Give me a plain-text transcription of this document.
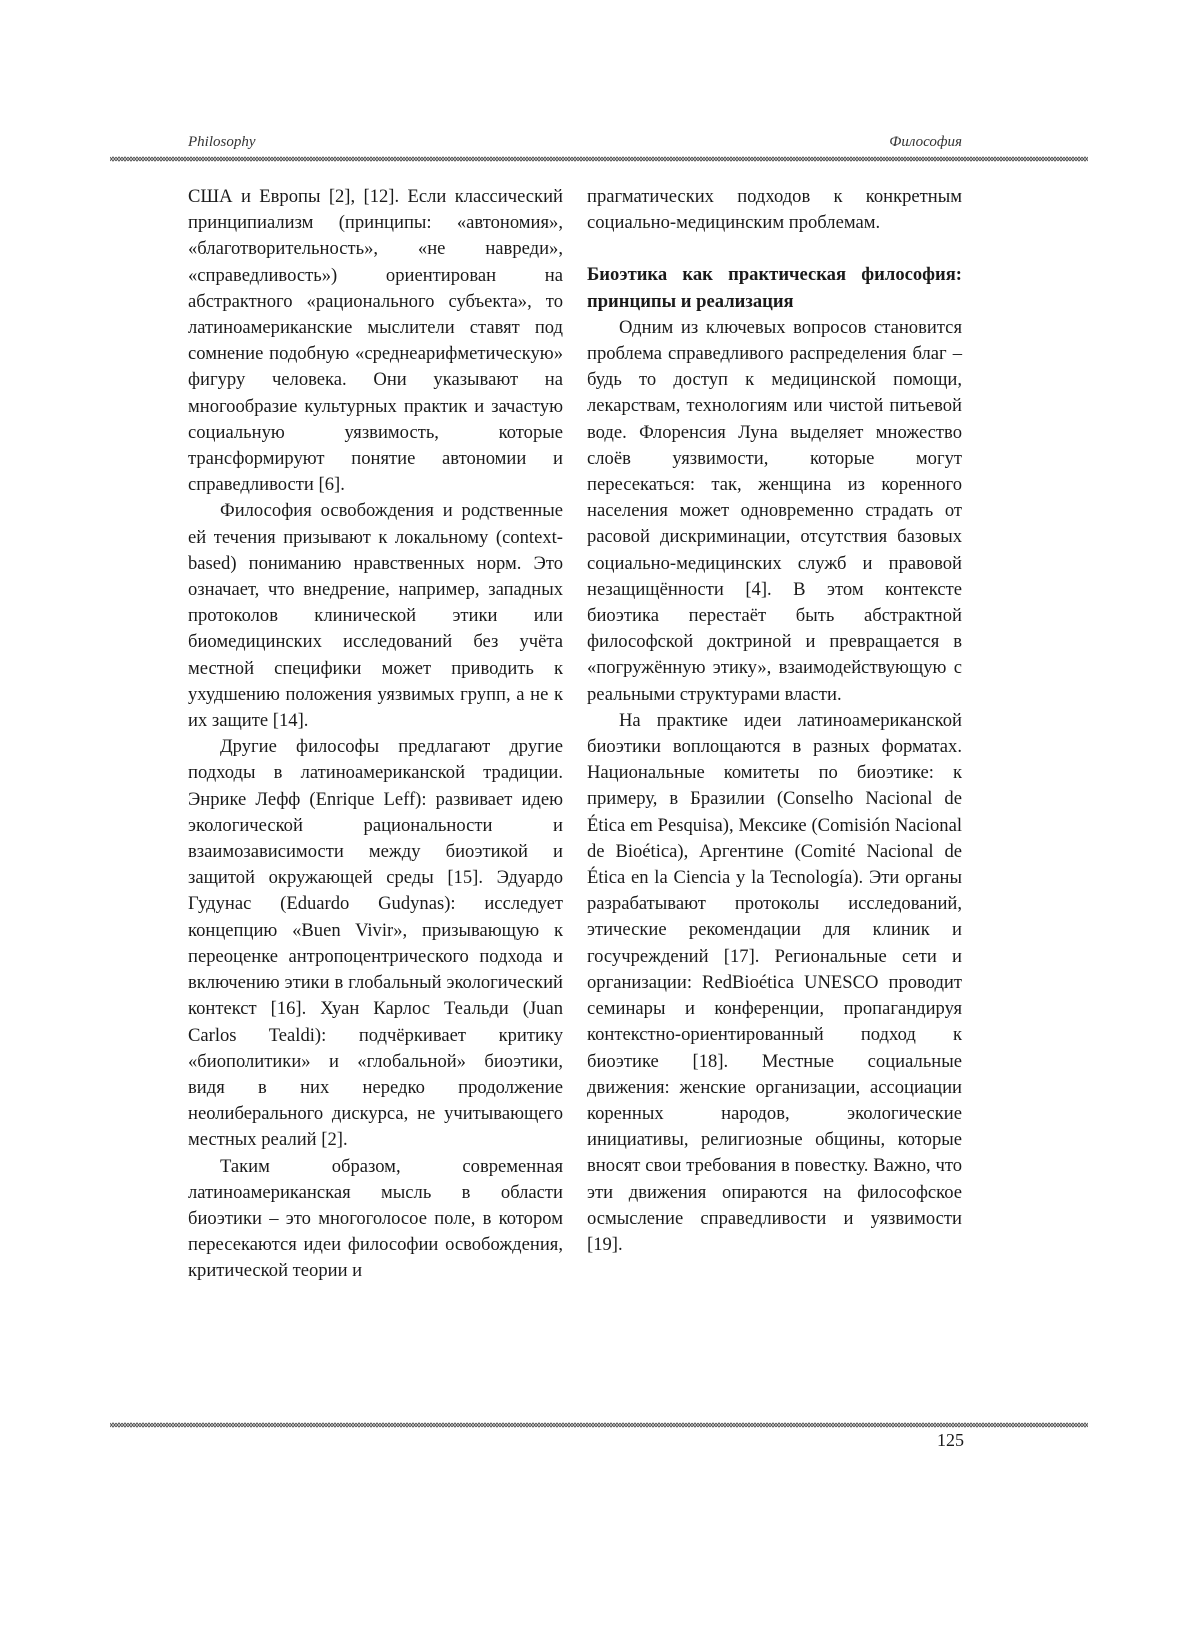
Philosophy	Философия

США и Европы [2], [12]. Если классический принципиализм (принципы: «автономия», «благотворительность», «не навреди», «справедливость») ориентирован на абстрактного «рационального субъекта», то латиноамериканские мыслители ставят под сомнение подобную «среднеарифметическую» фигуру человека. Они указывают на многообразие культурных практик и зачастую социальную уязвимость, которые трансформируют понятие автономии и справедливости [6].

Философия освобождения и родственные ей течения призывают к локальному (context-based) пониманию нравственных норм. Это означает, что внедрение, например, западных протоколов клинической этики или биомедицинских исследований без учёта местной специфики может приводить к ухудшению положения уязвимых групп, а не к их защите [14].

Другие философы предлагают другие подходы в латиноамериканской традиции. Энрике Лефф (Enrique Leff): развивает идею экологической рациональности и взаимозависимости между биоэтикой и защитой окружающей среды [15]. Эдуардо Гудунас (Eduardo Gudynas): исследует концепцию «Buen Vivir», призывающую к переоценке антропоцентрического подхода и включению этики в глобальный экологический контекст [16]. Хуан Карлос Теальди (Juan Carlos Tealdi): подчёркивает критику «биополитики» и «глобальной» биоэтики, видя в них нередко продолжение неолиберального дискурса, не учитывающего местных реалий [2].

Таким образом, современная латиноамериканская мысль в области биоэтики – это многоголосое поле, в котором пересекаются идеи философии освобождения, критической теории и

прагматических подходов к конкретным социально-медицинским проблемам.

Биоэтика как практическая философия: принципы и реализация

Одним из ключевых вопросов становится проблема справедливого распределения благ – будь то доступ к медицинской помощи, лекарствам, технологиям или чистой питьевой воде. Флоренсия Луна выделяет множество слоёв уязвимости, которые могут пересекаться: так, женщина из коренного населения может одновременно страдать от расовой дискриминации, отсутствия базовых социально-медицинских служб и правовой незащищённости [4]. В этом контексте биоэтика перестаёт быть абстрактной философской доктриной и превращается в «погружённую этику», взаимодействующую с реальными структурами власти.

На практике идеи латиноамериканской биоэтики воплощаются в разных форматах. Национальные комитеты по биоэтике: к примеру, в Бразилии (Conselho Nacional de Ética em Pesquisa), Мексике (Comisión Nacional de Bioética), Аргентине (Comité Nacional de Ética en la Ciencia y la Tecnología). Эти органы разрабатывают протоколы исследований, этические рекомендации для клиник и госучреждений [17]. Региональные сети и организации: RedBioética UNESCO проводит семинары и конференции, пропагандируя контекстно-ориентированный подход к биоэтике [18]. Местные социальные движения: женские организации, ассоциации коренных народов, экологические инициативы, религиозные общины, которые вносят свои требования в повестку. Важно, что эти движения опираются на философское осмысление справедливости и уязвимости [19].

125
